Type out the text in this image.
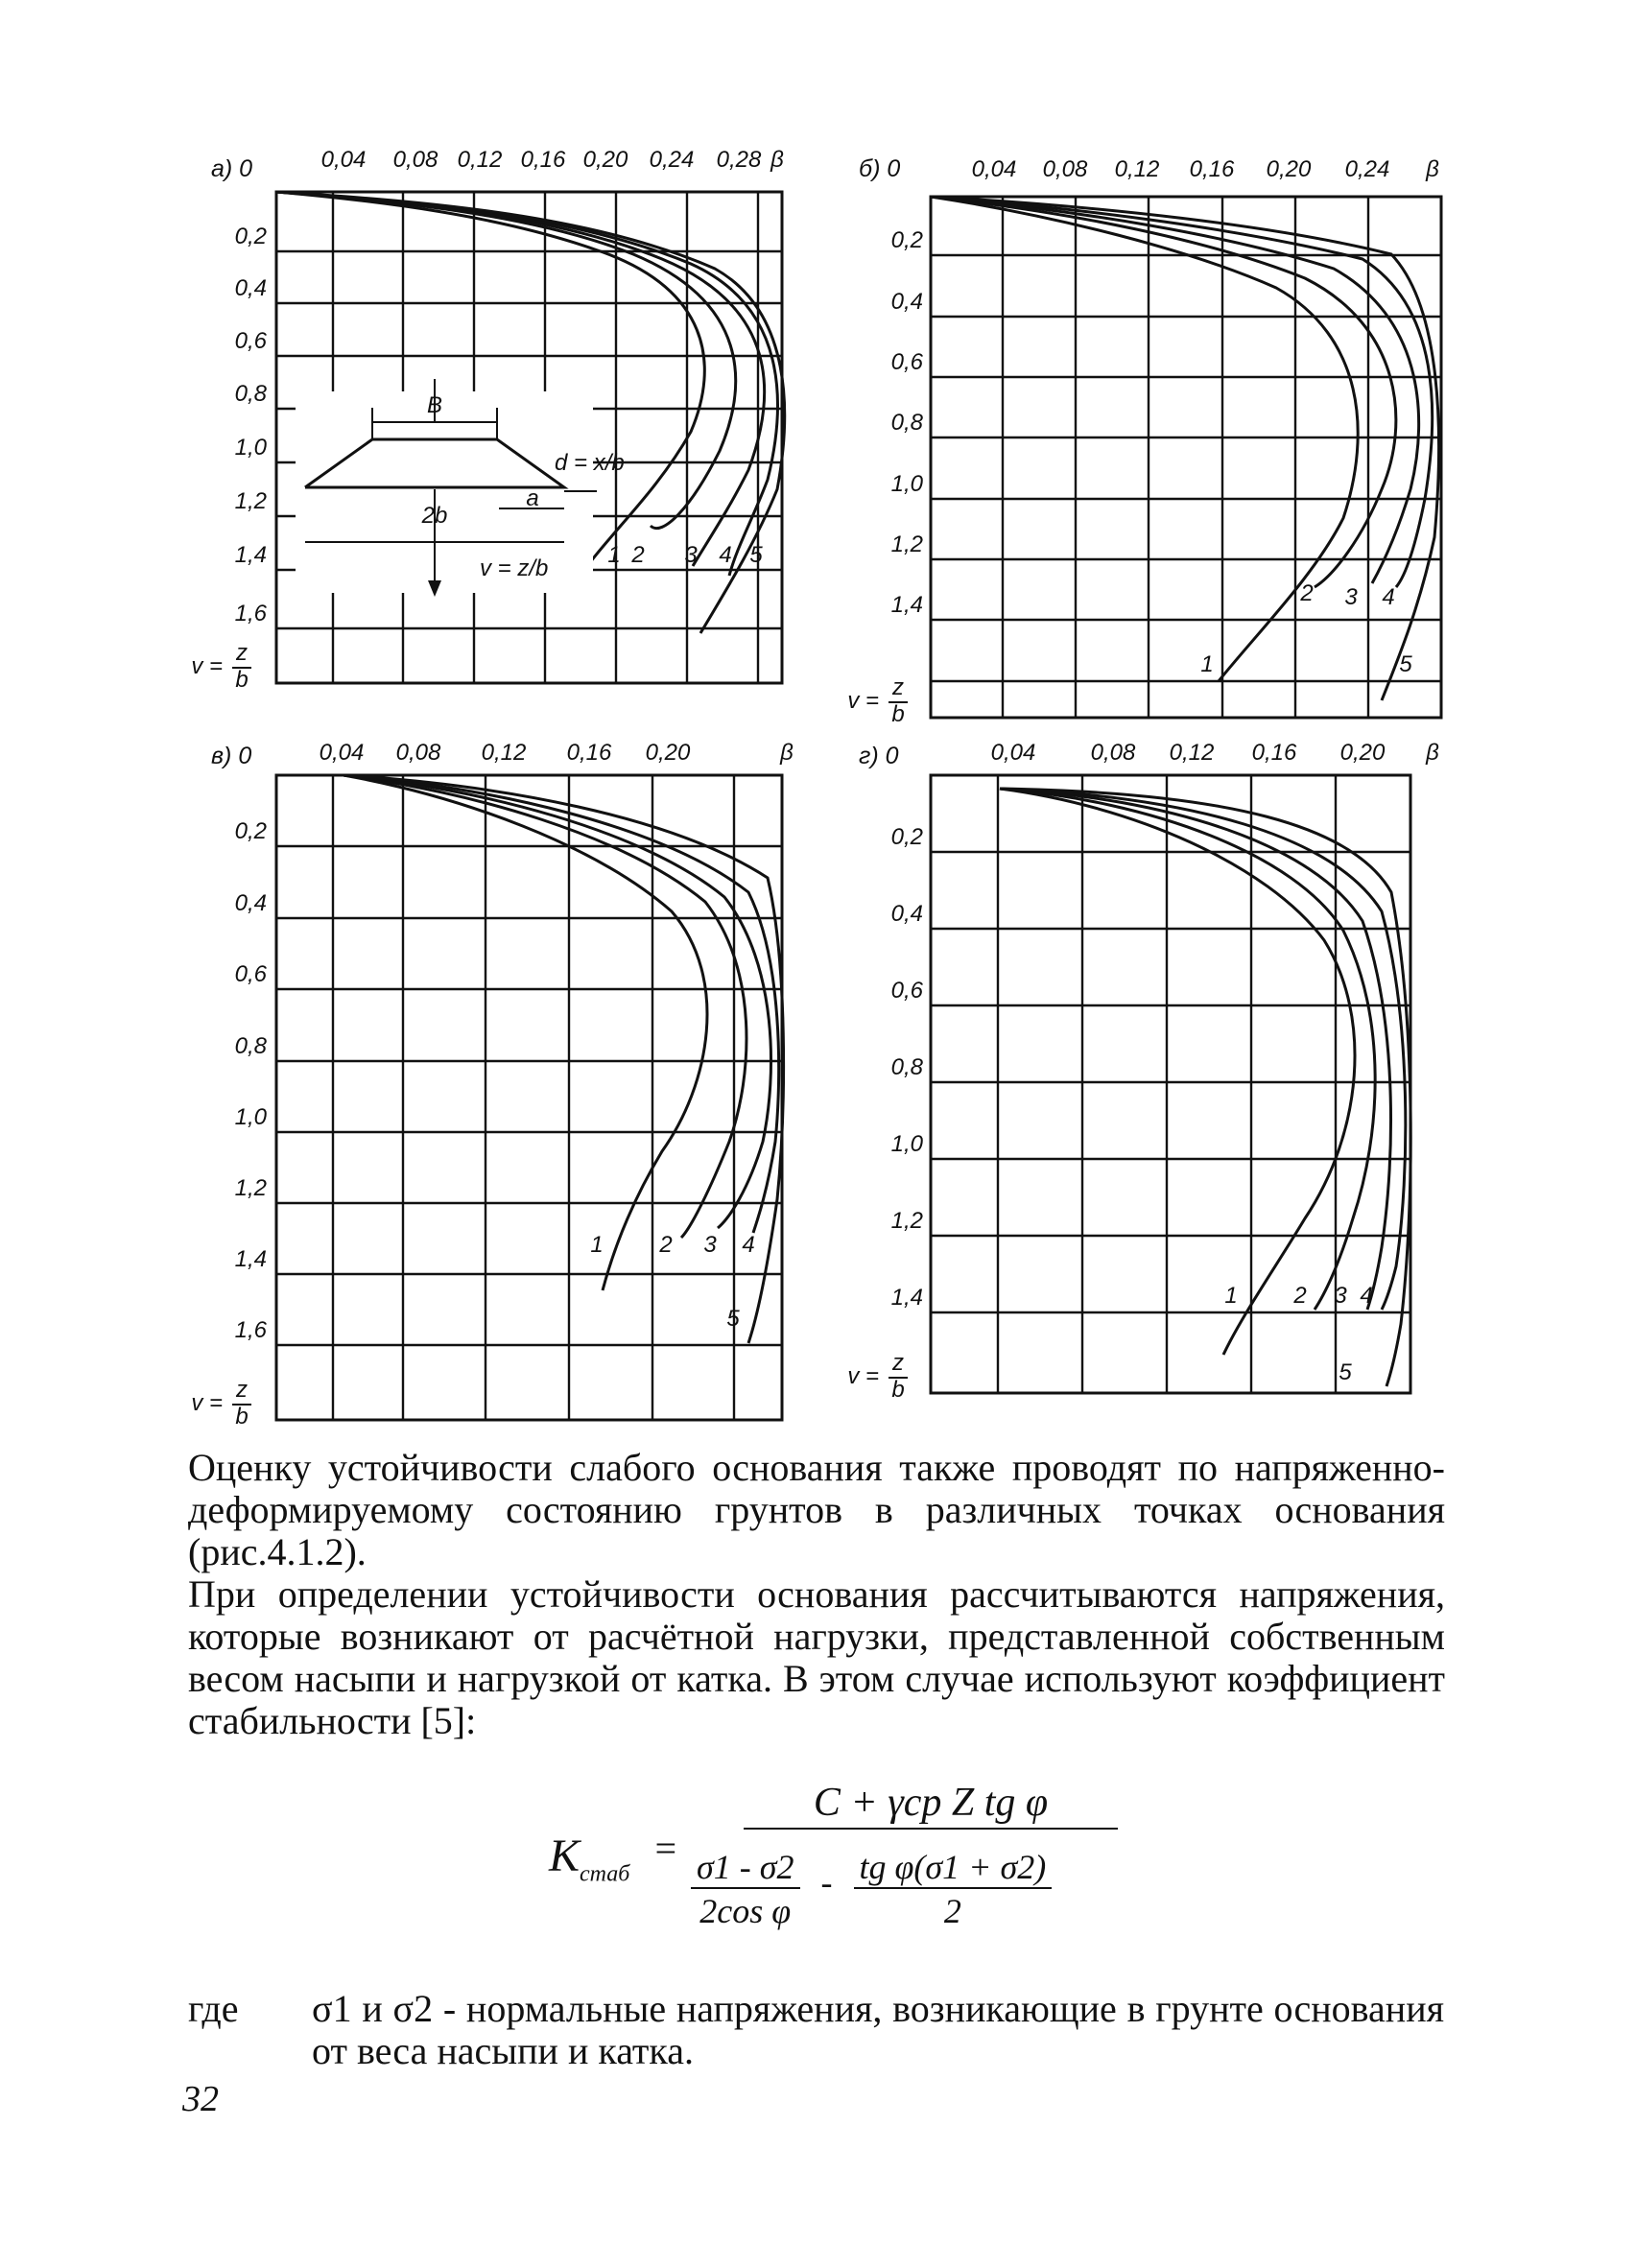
а) 0	0,04 0,08 0,12 0,16 0,20 0,24 0,28 β
0,2
0,4
0,6
0,8
1,0
1,2
1,4
1,6
v =
z
b
1 2 3 4 5
б) 0	0,04 0,08 0,12 0,16 0,20 0,24 β
0,2
0,4
0,6
0,8
1,0
1,2
1,4
v =
z
b
1
2 3 4
5
в) 0	0,04 0,08 0,12 0,16 0,20	β
0,2
0,4
0,6
0,8
1,0
1,2
1,4
1,6
v =
z
b
1 2 3 4
5
г) 0	0,04 0,08 0,12 0,16 0,20 β
0,2
0,4
0,6
0,8
1,0
1,2
1,4
v =
z
b
1 2 3 4
5
B
2b
a
v = z/b
d = x/b
Оценку устойчивости слабого основания также проводят по напряженно-деформируемому состоянию грунтов в различных точках основания (рис.4.1.2).
При определении устойчивости основания рассчитываются напряжения, которые возникают от расчётной нагрузки, представленной собственным весом насыпи и нагрузкой от катка. В этом случае используют коэффициент стабильности [5]:
$K_{стаб}$
=
C + γср Z tg φ
$\frac{\sigma 1 - \sigma 2}{\text{2cos φ}} - \frac{\text{tg φ(σ1 + σ2)}}{2}$
где σ1 и σ2 - нормальные напряжения, возникающие в грунте основания от веса насыпи и катка.
32
